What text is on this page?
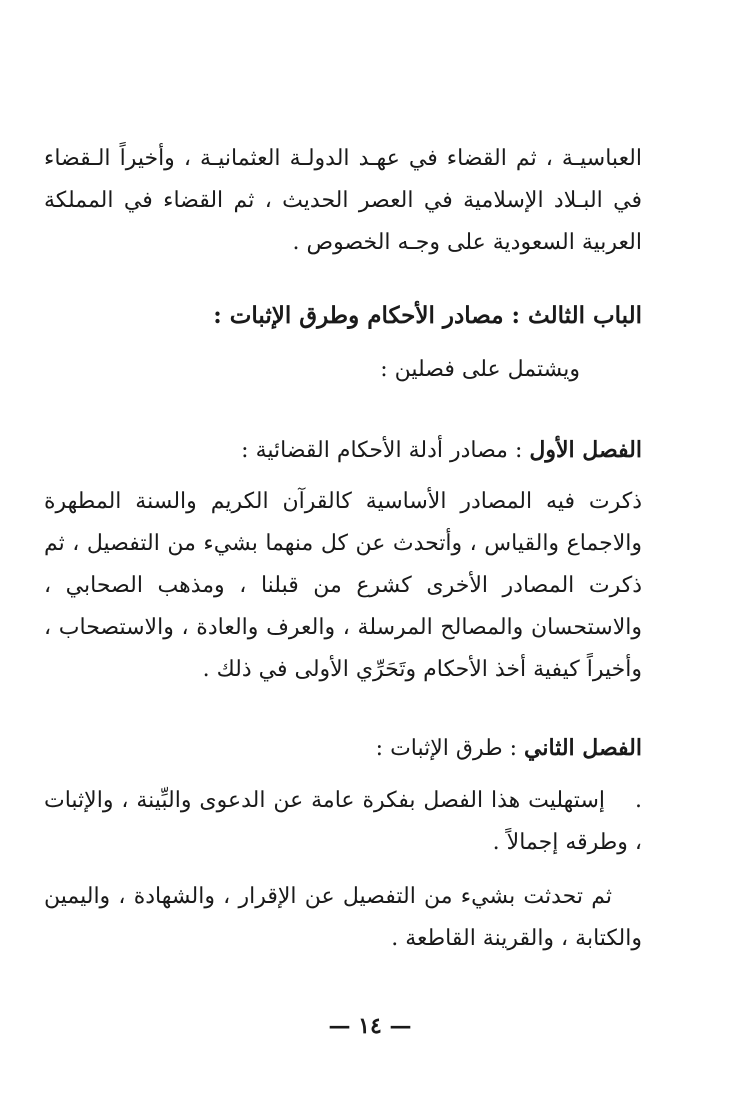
العباسيـة ، ثم القضاء في عهـد الدولـة العثمانيـة ، وأخيراً الـقضاء في البـلاد الإسلامية في العصر الحديث ، ثم القضاء في المملكة العربية السعودية على وجـه الخصوص .

الباب الثالث : مصادر الأحكام وطرق الإثبات :

ويشتمل على فصلين :

الفصل الأول : مصادر أدلة الأحكام القضائية :

ذكرت فيه المصادر الأساسية كالقرآن الكريم والسنة المطهرة والاجماع والقياس ، وأتحدث عن كل منهما بشيء من التفصيل ، ثم ذكرت المصادر الأخرى كشرع من قبلنا ، ومذهب الصحابي ، والاستحسان والمصالح المرسلة ، والعرف والعادة ، والاستصحاب ، وأخيراً كيفية أخذ الأحكام وتَحَرِّي الأولى في ذلك .

الفصل الثاني : طرق الإثبات :

.إستهليت هذا الفصل بفكرة عامة عن الدعوى والبِّينة ، والإثبات ، وطرقه إجمالاً .

ثم تحدثت بشيء من التفصيل عن الإقرار ، والشهادة ، واليمين والكتابة ، والقرينة القاطعة .

— ١٤ —
